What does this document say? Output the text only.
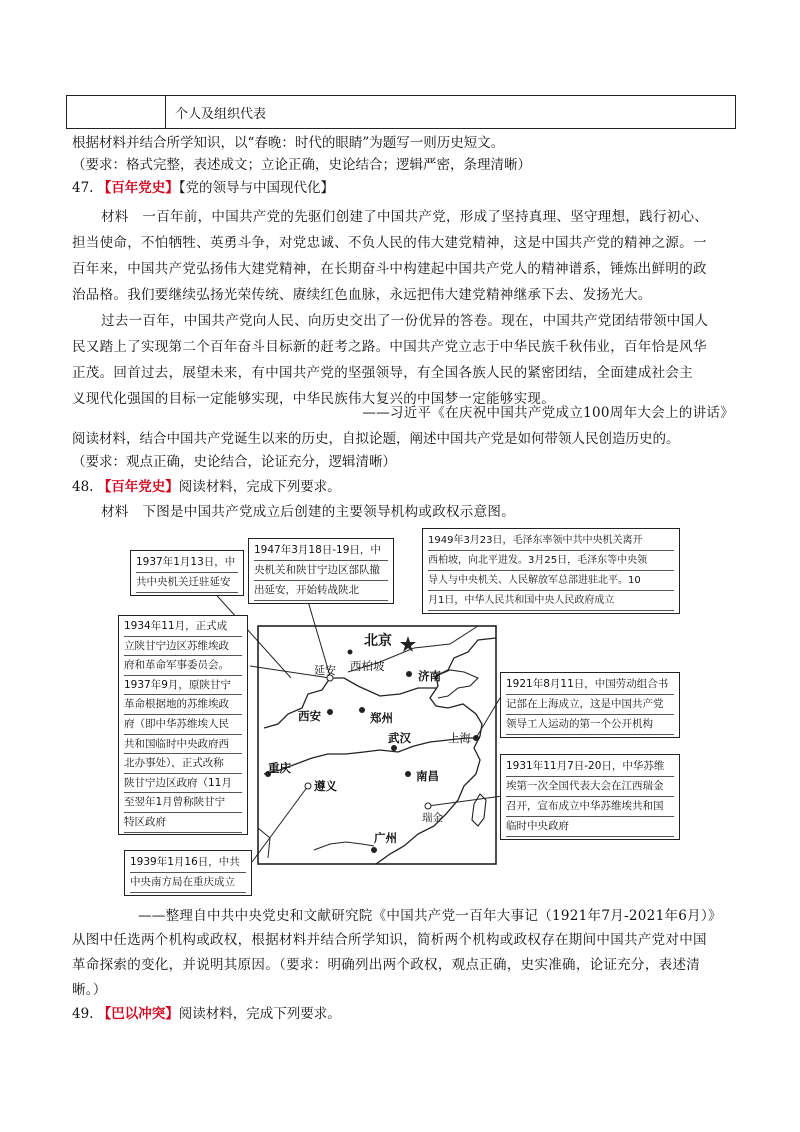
个人及组织代表
根据材料并结合所学知识，以“春晚：时代的眼睛”为题写一则历史短文。
（要求：格式完整，表述成文；立论正确，史论结合；逻辑严密，条理清晰）
47. 【百年党史】【党的领导与中国现代化】
材料　一百年前，中国共产党的先驱们创建了中国共产党，形成了坚持真理、坚守理想，践行初心、
担当使命，不怕牺牲、英勇斗争，对党忠诚、不负人民的伟大建党精神，这是中国共产党的精神之源。一
百年来，中国共产党弘扬伟大建党精神，在长期奋斗中构建起中国共产党人的精神谱系，锤炼出鲜明的政
治品格。我们要继续弘扬光荣传统、赓续红色血脉，永远把伟大建党精神继承下去、发扬光大。
过去一百年，中国共产党向人民、向历史交出了一份优异的答卷。现在，中国共产党团结带领中国人
民又踏上了实现第二个百年奋斗目标新的赶考之路。中国共产党立志于中华民族千秋伟业，百年恰是风华
正茂。回首过去，展望未来，有中国共产党的坚强领导，有全国各族人民的紧密团结，全面建成社会主
义现代化强国的目标一定能够实现，中华民族伟大复兴的中国梦一定能够实现。
——习近平《在庆祝中国共产党成立100周年大会上的讲话》
阅读材料，结合中国共产党诞生以来的历史，自拟论题，阐述中国共产党是如何带领人民创造历史的。
（要求：观点正确，史论结合，论证充分，逻辑清晰）
48. 【百年党史】阅读材料，完成下列要求。
材料　下图是中国共产党成立后创建的主要领导机构或政权示意图。
北京
西柏坡
济南
延安
西安	郑州
上海
武汉
南昌
重庆
遵义
瑞金
广州
1937年1月13日，中
共中央机关迁驻延安
1947年3月18日-19日，中
央机关和陕甘宁边区部队撤
出延安，开始转战陕北
1949年3月23日，毛泽东率领中共中央机关离开
西柏坡，向北平进发。3月25日，毛泽东等中央领
导人与中央机关、人民解放军总部进驻北平。10
月1日，中华人民共和国中央人民政府成立
1934年11月，正式成
立陕甘宁边区苏维埃政
府和革命军事委员会。
1937年9月，原陕甘宁
革命根据地的苏维埃政
府（即中华苏维埃人民
共和国临时中央政府西
北办事处），正式改称
陕甘宁边区政府（11月
至翌年1月曾称陕甘宁
特区政府
1921年8月11日，中国劳动组合书
记部在上海成立，这是中国共产党
领导工人运动的第一个公开机构
1931年11月7日-20日，中华苏维
埃第一次全国代表大会在江西瑞金
召开，宣布成立中华苏维埃共和国
临时中央政府
1939年1月16日，中共
中央南方局在重庆成立
——整理自中共中央党史和文献研究院《中国共产党一百年大事记（1921年7月-2021年6月）》
从图中任选两个机构或政权，根据材料并结合所学知识，简析两个机构或政权存在期间中国共产党对中国
革命探索的变化，并说明其原因。（要求：明确列出两个政权，观点正确，史实准确，论证充分，表述清
晰。）
49. 【巴以冲突】阅读材料，完成下列要求。
